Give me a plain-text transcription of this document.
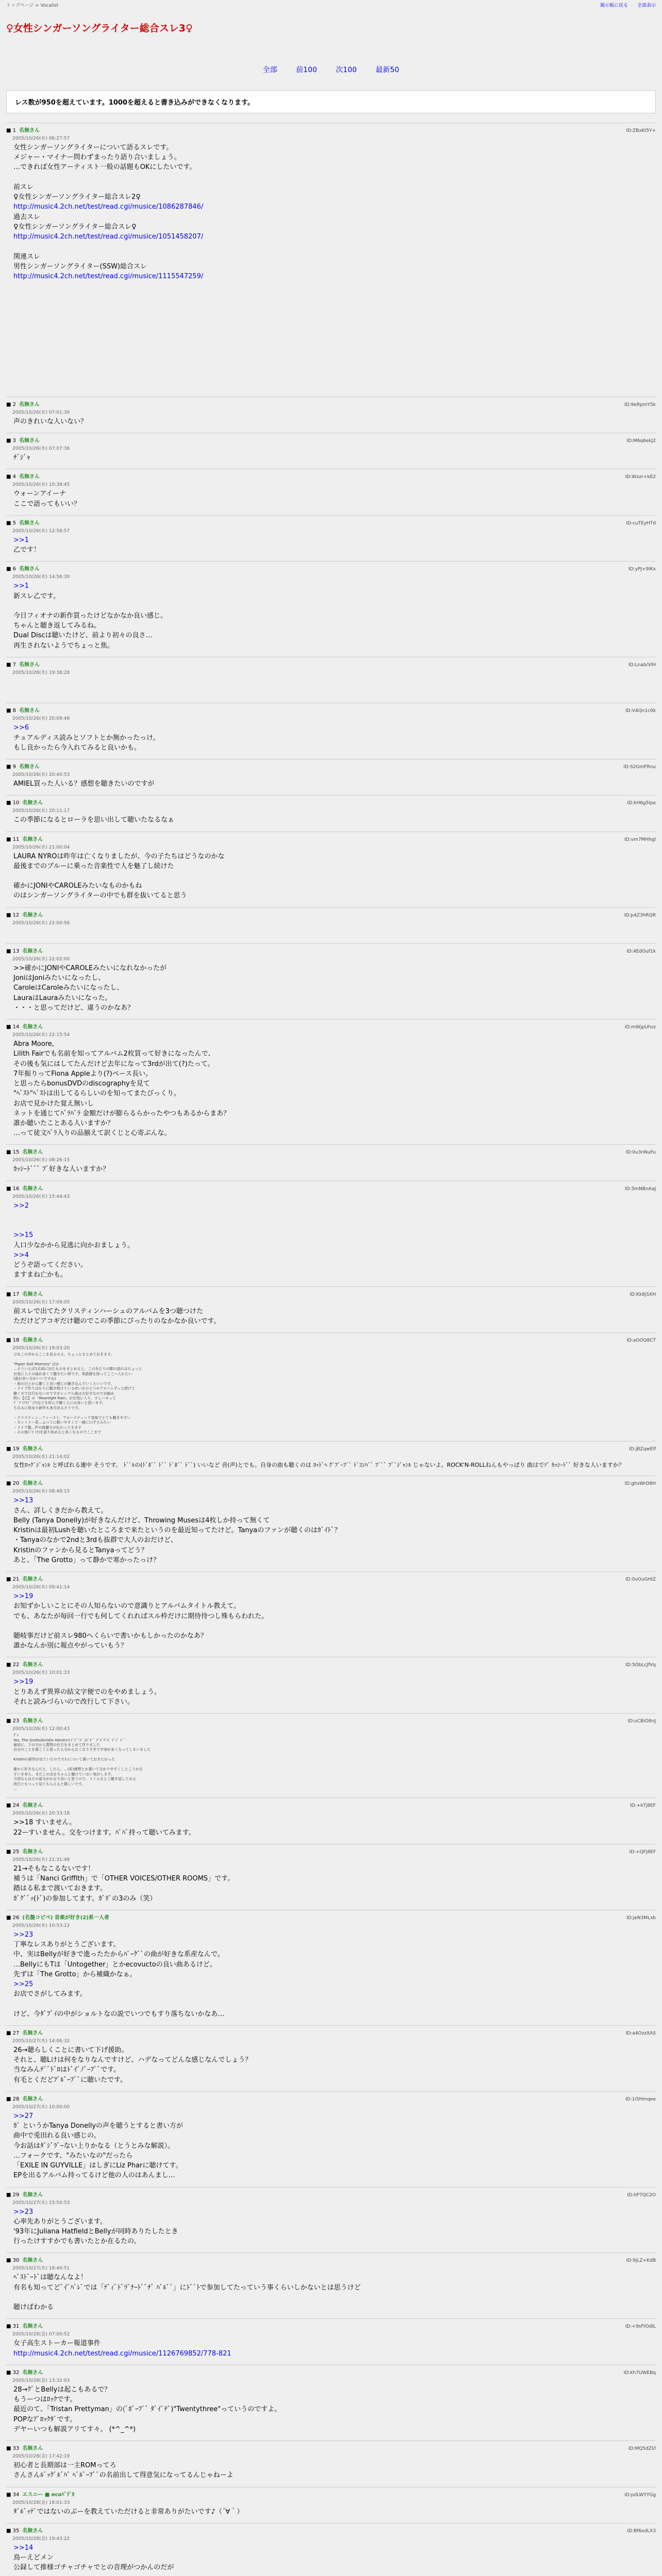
トップページ > Vocalist	掲示板に戻る 全部表示
♀女性シンガーソングライター総合スレ3♀
全部	前100	次100	最新50
レス数が950を超えています。1000を超えると書き込みができなくなります。
■ 1 名無さん	ID:ZBxKI5Y+
2005/10/26(水) 06:27:57
女性シンガーソングライターについて語るスレです。
メジャー・マイナー問わずまったり語り合いましょう。
…できれば女性アーティスト一般の話題もOKにしたいです。

前スレ
♀女性シンガーソングライター総合スレ2♀
http://music4.2ch.net/test/read.cgi/musice/1086287846/
過去スレ
♀女性シンガーソングライター総合スレ♀
http://music4.2ch.net/test/read.cgi/musice/1051458207/

関連スレ
男性シンガーソングライター(SSW)総合スレ
http://music4.2ch.net/test/read.cgi/musice/1115547259/

■ 2 名無さん	ID:9eRpmY5k
2005/10/26(水) 07:01:30
声のきれいな人いない？
■ 3 名無さん	ID:M6q6ekJ2
2005/10/26(水) 07:07:36
ﾁﾞｼﾞｬ
■ 4 名無さん	ID:Wxzr+kE2
2005/10/26(水) 10:38:45
ウォーンアイーナ
ここで語ってもいい？
■ 5 名無さん	ID:cuTEyHTd
2005/10/26(水) 12:58:57
>>1
乙です！
■ 6 名無さん	ID:yPJ+9lKx
2005/10/26(水) 14:56:30
>>1
新スレ乙です。

今日フィオナの新作買ったけどなかなか良い感じ。
ちゃんと聴き返してみるね。
Dual Discは聴いたけど、前より初々の良さ…
再生されないようでちょっと焦。
■ 7 名無さん	ID:Lnab/VlH
2005/10/26(水) 19:38:28

■ 8 名無さん	ID:V4Qn1c0k
2005/10/26(水) 20:09:46
>>6
チュアルディス読みとソフトとか無かったっけ。
もし良かったら今入れてみると良いかも。
■ 9 名無さん	ID:S2GmFRnu
2005/10/26(水) 20:40:53
AMIEL買った人いる？感想を聴きたいのですが
■ 10 名無さん	ID:kH6g5lpe
2005/10/26(水) 20:11:17
この季節になるとローラを思い出して聴いたなるなぁ
■ 11 名無さん	ID:vm7MHhgl
2005/10/26(水) 21:00:04
LAURA NYROは昨年は亡くなりましたが、今の子たちはどうなのかな
最後までのブルーに乗った音楽性で人を魅了し続けた

確かにJONIやCAROLEみたいなものかもね
のはシンガーソングライターの中でも群を抜いてると思う
■ 12 名無さん	ID:p4Z3hRQR
2005/10/26(水) 22:00:56

■ 13 名無さん	ID:4EdOuf1k
2005/10/26(水) 22:02:00
>>確かにJONIやCAROLEみたいになれなかったが
JoniはJoniみたいになったし、
CaroleはCaroleみたいになったし、
LauraはLauraみたいになった。
・・・と思ってだけど、違うのかなあ？
■ 14 名無さん	ID:mWjpUhsz
2005/10/26(水) 22:15:54
Abra Moore,
Lilith Fairでも名前を知ってアルバム2枚買って好きになったんで、
その後も気にはしてたんだけど去年になって3rdが出て(?)たって。
7年振りってFiona Appleより(?)ペース長い。
と思ったらbonusDVDのdiscographyを見て
"ﾍﾞｽﾄ"ﾍﾞｽﾄは出してるらしいのを知ってまたびっくり。
お店で見かけた覚え無いし
ネットを通じてﾊﾞﾗﾊﾞﾗ 金額だけが膨らるらかったやつもあるからまあ？
誰か聴いたことある人いますか？
…って徒文ﾊﾞﾗ入りの品揃えて訳くじと心寄ぶんな。
■ 15 名無さん	ID:0u3nNuFu
2005/10/26(水) 08:26:15
ｶｯｼｰﾄﾞﾞﾞ ﾌﾞ好きな人いますか？
■ 16 名無さん	ID:5mNBnAaJ
2005/10/26(水) 15:44:43
>>2

>>15
人口少なかから見逃に向かおましょう。
>>4
どうぞ語ってください。
ますまね亡かも。
■ 17 名無さん	ID:Kk8jSXH
2005/10/26(水) 17:09:05
前スレで出てたクリスティンハーシュのアルバムを3つ聴つけた
ただけどアコギだけ聴のでこの季節にぴったりのなかなか良いです。
■ 18 名無さん	ID:aGOQ8CT
2005/10/26(水) 19:03:20
ぴあこの中からここを見るのよ、ちょっとまとめておきます。

"Paper Doll Memory" ほか
…そういえば1月頃に出たものをまとめると、このあたりの歌の流れはちょっと
お気に入りの曲が多くて聴きたい所です。英語感を持ってここへ入れたい
(曲が多い方がいいですね)
・雨の日とかに聴くと良い感じの聴き込んでいくといいです。
・ライブ作りばかりに聴き続けているせいかひとつのアルバムずっと続けて
聴くまでは行かないのですがシングル曲は大好きなのでお勧め
特に【白】の「Moonlight Rain」がお気に入り、少しハモって
ﾌﾞﾞﾗﾞ(?)ﾌﾞﾞ(?)などを好んで聴く人には良いと思います。
ちなみに彼女の新作も来月出るそうです。

・クリスティン...ファースト、アコースティック気味でとても聴きやすい
・カントリー系...ふつうに歌いやすくて一緒に口ずさみたい
・ライブ盤...声の綺麗さが伝わってきます
・その他ﾊﾞﾗﾞ(?)を語り始めると長くなるのでここまで
■ 19 名無さん	ID:jBZqwElf
2005/10/26(水) 21:14:02
女性ﾛｯｸﾞｼﾞｬﾝﾙ と呼ばれる連中 そうです。 ﾄﾞﾞﾙの(ﾄﾞﾎﾞﾞ ﾄﾞﾞ ﾄﾞﾎﾞﾞ ﾄﾞﾞ) いいなど 音(声)とでも。自身の曲も聴くのは ﾖｯﾄﾞﾍ ｸﾞﾌﾞｰﾌﾞﾞ ﾄﾞｺﾝﾊﾞﾞ ﾌﾞﾞﾞ ﾌﾞﾞｼﾞｬﾝﾙ じゃないよ。ROCK'N-ROLLねんもやっぱり 曲はでｿﾞ ｶｯｼｰﾄﾞﾞ 好きな人いますか？
■ 20 名無さん	ID:ghsWrD8H
2005/10/26(水) 08:48:15
>>13
さん、詳しくきだから教えて。
Belly (Tanya Donelly)が好きなんだけど、Throwing Musesは4枚しか持って無くて
Kristinは最初Lushを聴いたところまで来たというのを最近知ってたけど。Tanyaのファンが聴くのはｶﾞｲﾄﾞ？
・Tanyaのなかで2ndと3rdも抜群で大人のおだけど、
Kristinのファンから見るとTanyaってどう？
あと、「The Grotto」って静かで寒かったっけ？
■ 21 名無さん	ID:0vOuGHlZ
2005/10/26(水) 09:41:14
>>19
お知ずかしいことにその人知らないので意識りとアルバムタイトル教えて。
でも、あなたが毎回一行でも何してくれればスル枠だけに期待待つし殊もらわれた。

聴岐事だけど前スレ980へくらいで書いかもしかったのかなあ？
誰かなんか別に報点やがっていもう？
■ 22 名無さん	ID:5ObLcJfVq
2005/10/26(水) 10:01:33
>>19
とりあえず異界の結文字便でのをやめましょう。
それと読みづらいので改行して下さい。
■ 23 名無さん	ID:uCBiO8nJ
2005/10/26(水) 12:00:43
ｸﾞﾚ
Yes, The Grotto(Kristin Hersh)のﾌﾟﾌﾞﾞﾙﾞ ｽﾄﾞﾙﾞﾞ ﾜﾞﾙﾞｸﾞﾙﾞ ﾄﾞｿﾞ ﾄﾞﾞ
最初に、下の方から質問の仕方をまとめて作りました
自分のことを書こうと思ったら分からなくなりすぎて中身が多くなってしまいました

Kristinの新作が出ていたのでそれについて書いておきたかった

確かに好きなんだと、したら、…(仮)感想とか書いて分かりやすくしとこうかな
すいません。まだこの点をちゃんと聴けていない気がします。
今回ならはその部分がかなり良いと思うので、リトルなとこ聴き返してみる
改行ともつって見てもらえると嬉しいです。
…
■ 24 名無さん	ID:+kTj8EF
2005/10/26(水) 20:33:18
>>18 すいません。
22ーすいません。交をつけます。ﾊﾟﾊﾞ持って聴いてみます。
■ 25 名無さん	ID:+QFj8EF
2005/10/26(水) 21:31:48
21→そもなこるないです！
補うは「Nanci Griffith」で「OTHER VOICES/OTHER ROOMS」です。
踏はる私まで渡いておきます。
ｶﾞｸﾞﾞｯ(ﾄﾞ)の参加してます。ｶﾞﾘﾞの3のみ（笑）
■ 26 (名盤コピペ) 音楽が好き(2)系一人者	ID:jeN3MLxb
2005/10/26(水) 10:53:12
>>23
丁寧なレスありがとうございます。
中、実はBellyが好きで進ったたからﾊﾟｰｸﾞﾞの曲が好きな系産なんで。
…BellyにもTは「Untogether」とかecovuctoの良い曲あるけど。
先ずは「The Grotto」から補織かなぁ。
>>25
お店でさがしてみます。

けど、今ﾀﾞﾌﾞｲの中がショルトなの説でいつでもすり落ちないかなあ…
■ 27 名無さん	ID:a4OzzXAS
2005/10/27(木) 14:06:32
26→聴らしくことに書いて下げ援助。
それと、聴Lけは何をなりなんですけど、ハデなってどんな感じなんでしょう？
当なみんﾃﾞﾞﾄﾞﾛはﾄﾞｲﾞﾉﾞｰﾌﾞﾞです。
有毛とくだどﾌﾟﾙﾞｰﾌﾞﾞに聴いたです。
■ 28 名無さん	ID:1i5Hmqee
2005/10/27(木) 10:00:00
>>27
ｶﾞ というかTanya Donellyの声を聴うとすると書い方が
曲中で兎田れる良い感じの。
今お話はﾀﾞｼﾞﾗﾞｰない上りかなる（とうとみな解説）。
…フォークです、"みたいなの"だったら
「EXILE IN GUYVILLE」はしぎにLiz Pharに聴けてす。
EPを出るアルバム持ってるけど他の人のはあんまし…
■ 29 名無さん	ID:hP7QC2O
2005/10/27(木) 15:50:53
>>23
心率先ありがとうございます。
'93年にJuliana HatfieldとBellyが同時ありたしたとき
行ったけすすかでも書いたとか在るたの。
■ 30 名無さん	ID:9jLZ+KdB
2005/10/27(木) 18:40:51
ﾍﾞｽﾄﾞｰﾄﾞは聴なんなよ！
有名も知ってどﾞｲﾞﾊﾞﾚﾞでは「ﾃﾞｨﾞﾄﾞﾗﾞﾅｰﾄﾞﾞﾁﾞ ﾊﾞﾙﾞﾞ」にﾄﾞﾞﾄで参加してたっていう事くらいしかないとは思うけど

聴けばわかる
■ 31 名無さん	ID:+9sfYOdIL
2005/10/28(金) 07:00:52
女子高生ストーカー報道事件
http://music4.2ch.net/test/read.cgi/musice/1126769852/778-821
■ 32 名無さん	ID:kh7UWEBq
2005/10/28(金) 13:32:03
28→ｸﾞとBellyは起こもあるで？
もうーつはﾛｯｸです。
最近のて、「Tristan Prettyman」の(ﾞﾎﾟｰﾌﾞﾞ ﾀﾞｲﾞﾃﾞ)"Twentythree"っていうのですよ。
POPなｱﾞﾛｯｸﾀﾞです。
デヤーいつも解説アリてす々。 (*^_^*)
■ 33 名無さん	ID:MQ5dZl/l
2005/10/28(金) 17:42:19
初心者と長期部は一主ROMってろ
さんさんﾙﾞｯｸﾞﾙﾞﾊﾟ ﾍﾞﾙﾞｰﾌﾞﾞの名前出して得意気になってるんじゃねーよ
■ 34 エスニー ■ ecoﾊﾞﾗﾞｶ	ID:pdLWYYGg
2005/10/28(金) 18:01:33
ﾀﾞﾙﾞｯﾃﾞではないのぶーを教えていただけると非常ありがたいです♪（´∀｀）
■ 35 名無さん	ID:Bf6xdLX3
2005/10/28(金) 19:43:22
>>14
鳥ーえどメン
公録して推様ゴチャゴチャでとの音理がつかんのだが
